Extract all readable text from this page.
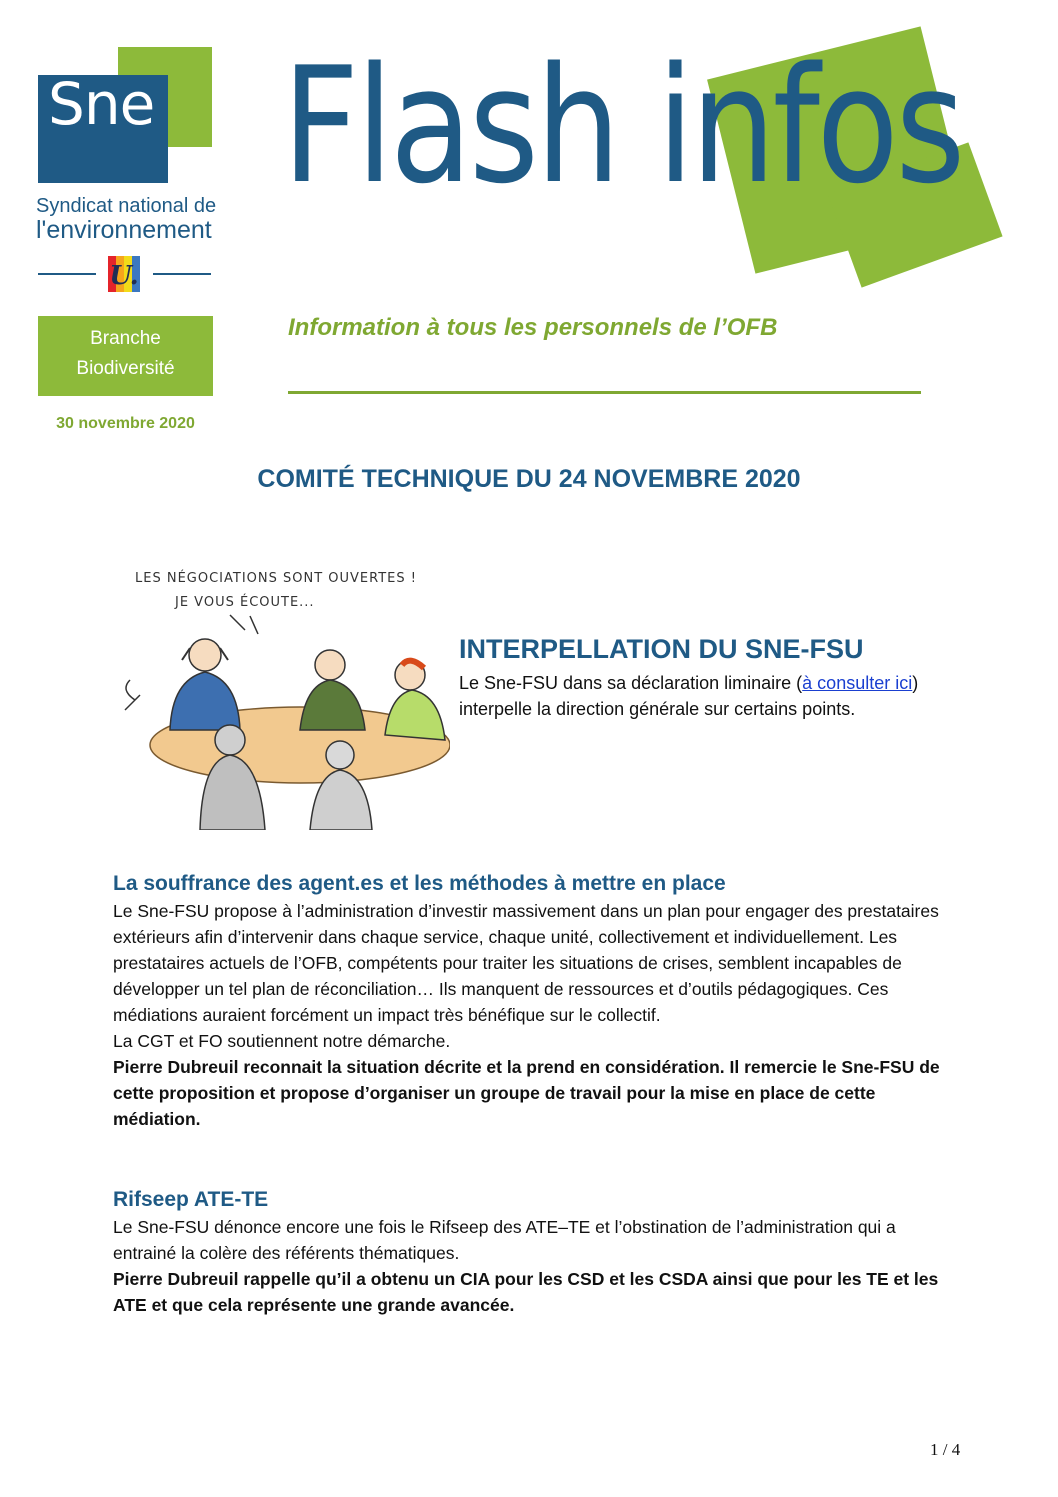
Sne
Syndicat national de
l'environnement
U.
Branche
Biodiversité
30 novembre 2020
Flash infos
Information à tous les personnels de l’OFB
COMITÉ TECHNIQUE DU 24 NOVEMBRE 2020
LES NÉGOCIATIONS SONT OUVERTES !
JE VOUS ÉCOUTE...
INTERPELLATION DU SNE-FSU
Le Sne-FSU dans sa déclaration liminaire (à consulter ici) interpelle la direction générale sur certains points.
La souffrance des agent.es et les méthodes à mettre en place

Le Sne-FSU propose à l’administration d’investir massivement dans un plan pour engager des prestataires extérieurs afin d’intervenir dans chaque service, chaque unité, collectivement et individuellement. Les prestataires actuels de l’OFB, compétents pour traiter les situations de crises, semblent incapables de développer un tel plan de réconciliation… Ils manquent de ressources et d’outils pédagogiques. Ces médiations auraient forcément un impact très bénéfique sur le collectif.

La CGT et FO soutiennent notre démarche.

Pierre Dubreuil reconnait la situation décrite et la prend en considération. Il remercie le Sne-FSU de cette proposition et propose d’organiser un groupe de travail pour la mise en place de cette médiation.

Rifseep ATE-TE

Le Sne-FSU dénonce encore une fois le Rifseep des ATE–TE et l’obstination de l’administration qui a entrainé la colère des référents thématiques.

Pierre Dubreuil rappelle qu’il a obtenu un CIA pour les CSD et les CSDA ainsi que pour les TE et les ATE et que cela représente une grande avancée.

1 / 4
